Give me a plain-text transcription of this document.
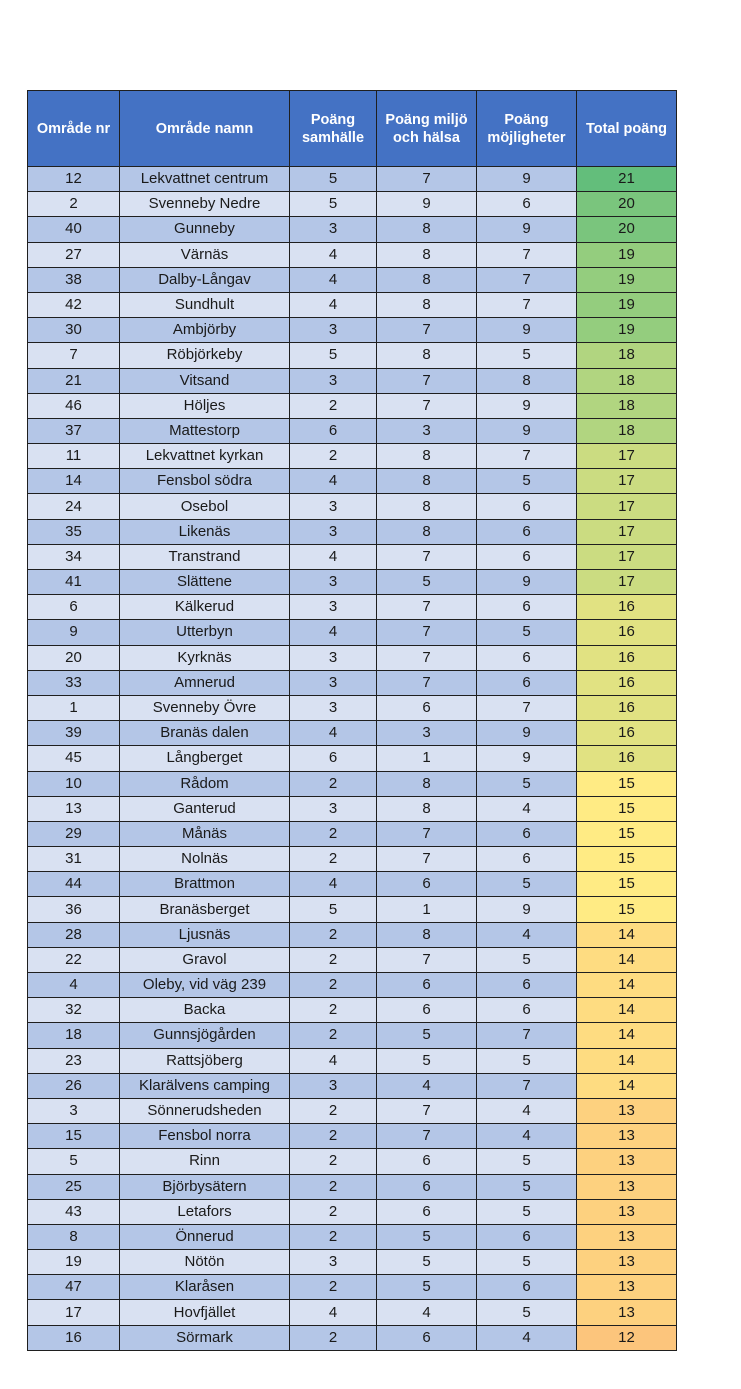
Område nr	Område namn	Poäng samhälle	Poäng miljö och hälsa	Poäng möjligheter	Total poäng
12	Lekvattnet centrum	5	7	9	21
2	Svenneby Nedre	5	9	6	20
40	Gunneby	3	8	9	20
27	Värnäs	4	8	7	19
38	Dalby-Långav	4	8	7	19
42	Sundhult	4	8	7	19
30	Ambjörby	3	7	9	19
7	Röbjörkeby	5	8	5	18
21	Vitsand	3	7	8	18
46	Höljes	2	7	9	18
37	Mattestorp	6	3	9	18
11	Lekvattnet kyrkan	2	8	7	17
14	Fensbol södra	4	8	5	17
24	Osebol	3	8	6	17
35	Likenäs	3	8	6	17
34	Transtrand	4	7	6	17
41	Slättene	3	5	9	17
6	Kälkerud	3	7	6	16
9	Utterbyn	4	7	5	16
20	Kyrknäs	3	7	6	16
33	Amnerud	3	7	6	16
1	Svenneby Övre	3	6	7	16
39	Branäs dalen	4	3	9	16
45	Långberget	6	1	9	16
10	Rådom	2	8	5	15
13	Ganterud	3	8	4	15
29	Månäs	2	7	6	15
31	Nolnäs	2	7	6	15
44	Brattmon	4	6	5	15
36	Branäsberget	5	1	9	15
28	Ljusnäs	2	8	4	14
22	Gravol	2	7	5	14
4	Oleby, vid väg 239	2	6	6	14
32	Backa	2	6	6	14
18	Gunnsjögården	2	5	7	14
23	Rattsjöberg	4	5	5	14
26	Klarälvens camping	3	4	7	14
3	Sönnerudsheden	2	7	4	13
15	Fensbol norra	2	7	4	13
5	Rinn	2	6	5	13
25	Björbysätern	2	6	5	13
43	Letafors	2	6	5	13
8	Önnerud	2	5	6	13
19	Nötön	3	5	5	13
47	Klaråsen	2	5	6	13
17	Hovfjället	4	4	5	13
16	Sörmark	2	6	4	12
